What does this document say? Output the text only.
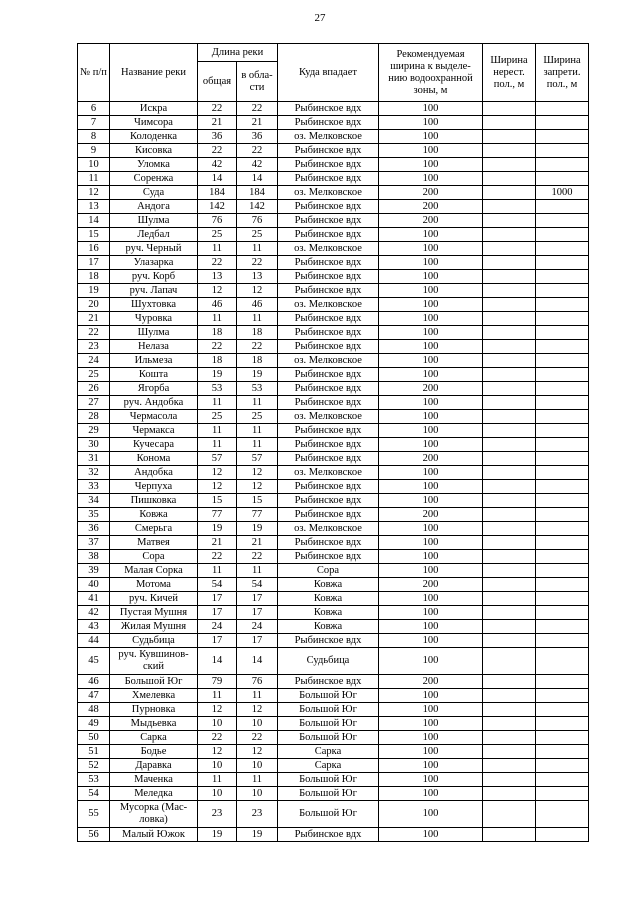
27
№ п/п	Название реки	Длина реки		Куда впадает	Рекомендуемая ширина к выделе-нию водоохранной зоны, м	Ширина нерест. пол., м	Ширина запрети. пол., м
		общая	в обла-сти				
6	Искра	22	22	Рыбинское вдх	100		
7	Чимсора	21	21	Рыбинское вдх	100		
8	Колоденка	36	36	оз. Мелковское	100		
9	Кисовка	22	22	Рыбинское вдх	100		
10	Уломка	42	42	Рыбинское вдх	100		
11	Соренжа	14	14	Рыбинское вдх	100		
12	Суда	184	184	оз. Мелковское	200		1000
13	Андога	142	142	Рыбинское вдх	200		
14	Шулма	76	76	Рыбинское вдх	200		
15	Ледбал	25	25	Рыбинское вдх	100		
16	руч. Черный	11	11	оз. Мелковское	100		
17	Улазарка	22	22	Рыбинское вдх	100		
18	руч. Корб	13	13	Рыбинское вдх	100		
19	руч. Лапач	12	12	Рыбинское вдх	100		
20	Шухтовка	46	46	оз. Мелковское	100		
21	Чуровка	11	11	Рыбинское вдх	100		
22	Шулма	18	18	Рыбинское вдх	100		
23	Нелаза	22	22	Рыбинское вдх	100		
24	Ильмеза	18	18	оз. Мелковское	100		
25	Кошта	19	19	Рыбинское вдх	100		
26	Ягорба	53	53	Рыбинское вдх	200		
27	руч. Андобка	11	11	Рыбинское вдх	100		
28	Чермасола	25	25	оз. Мелковское	100		
29	Чермакса	11	11	Рыбинское вдх	100		
30	Кучесара	11	11	Рыбинское вдх	100		
31	Конома	57	57	Рыбинское вдх	200		
32	Андобка	12	12	оз. Мелковское	100		
33	Черпуха	12	12	Рыбинское вдх	100		
34	Пишковка	15	15	Рыбинское вдх	100		
35	Ковжа	77	77	Рыбинское вдх	200		
36	Смерьга	19	19	оз. Мелковское	100		
37	Матвея	21	21	Рыбинское вдх	100		
38	Сора	22	22	Рыбинское вдх	100		
39	Малая Сорка	11	11	Сора	100		
40	Мотома	54	54	Ковжа	200		
41	руч. Кичей	17	17	Ковжа	100		
42	Пустая Мушня	17	17	Ковжа	100		
43	Жилая Мушня	24	24	Ковжа	100		
44	Судьбица	17	17	Рыбинское вдх	100		
45	руч. Кувшинов-ский	14	14	Судьбица	100		
46	Большой Юг	79	76	Рыбинское вдх	200		
47	Хмелевка	11	11	Большой Юг	100		
48	Пурновка	12	12	Большой Юг	100		
49	Мыдьевка	10	10	Большой Юг	100		
50	Сарка	22	22	Большой Юг	100		
51	Бодье	12	12	Сарка	100		
52	Даравка	10	10	Сарка	100		
53	Маченка	11	11	Большой Юг	100		
54	Меледка	10	10	Большой Юг	100		
55	Мусорка (Мас-ловка)	23	23	Большой Юг	100		
56	Малый Южок	19	19	Рыбинское вдх	100		
